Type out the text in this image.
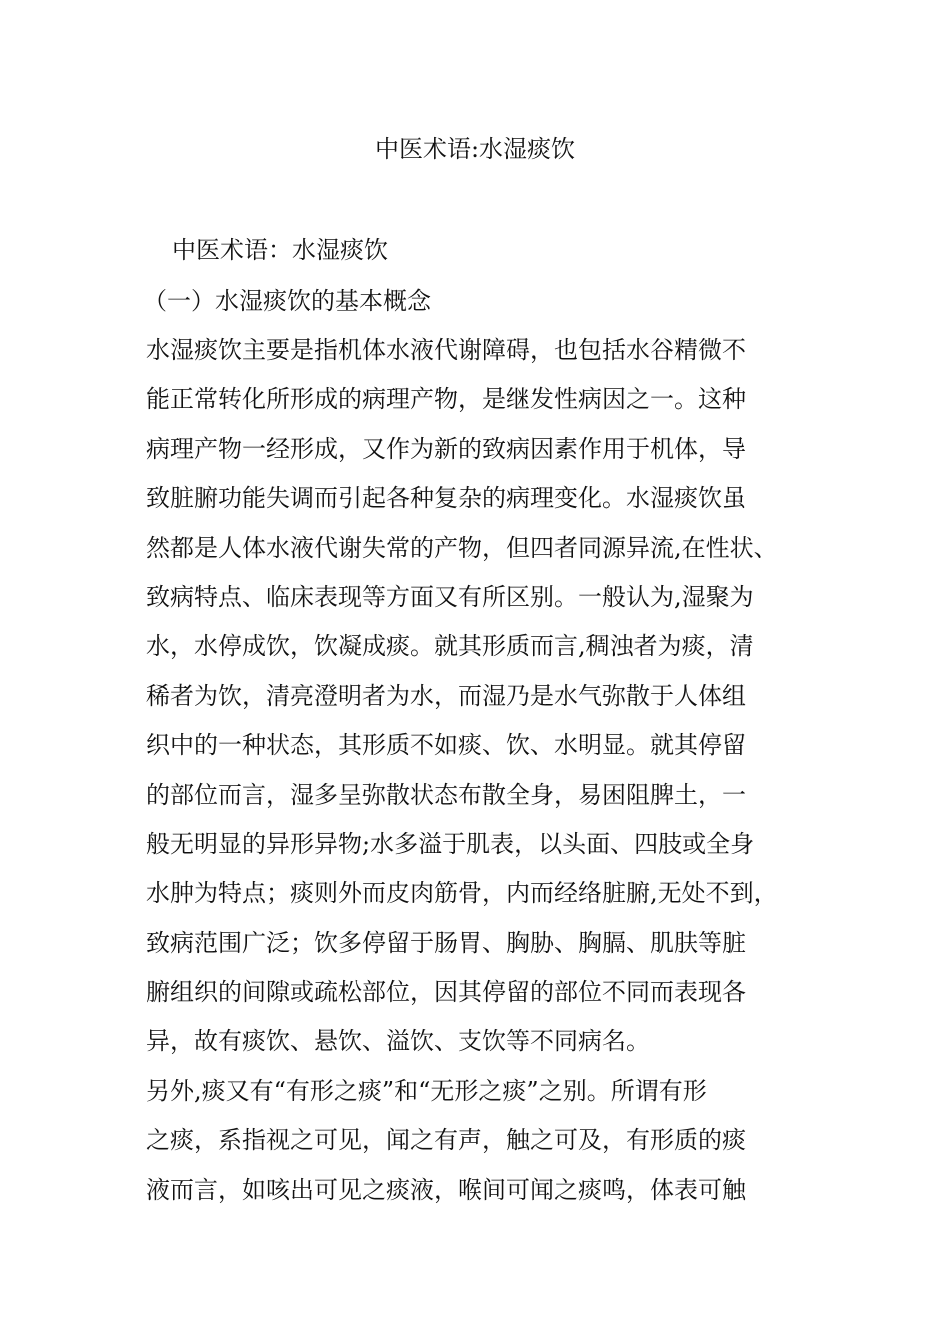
中医术语:水湿痰饮
中医术语：水湿痰饮
（一）水湿痰饮的基本概念
水湿痰饮主要是指机体水液代谢障碍，也包括水谷精微不
能正常转化所形成的病理产物，是继发性病因之一。这种
病理产物一经形成，又作为新的致病因素作用于机体，导
致脏腑功能失调而引起各种复杂的病理变化。水湿痰饮虽
然都是人体水液代谢失常的产物，但四者同源异流,在性状、
致病特点、临床表现等方面又有所区别。一般认为,湿聚为
水，水停成饮，饮凝成痰。就其形质而言,稠浊者为痰，清
稀者为饮，清亮澄明者为水，而湿乃是水气弥散于人体组
织中的一种状态，其形质不如痰、饮、水明显。就其停留
的部位而言，湿多呈弥散状态布散全身，易困阻脾土，一
般无明显的异形异物;水多溢于肌表，以头面、四肢或全身
水肿为特点；痰则外而皮肉筋骨，内而经络脏腑,无处不到，
致病范围广泛；饮多停留于肠胃、胸胁、胸膈、肌肤等脏
腑组织的间隙或疏松部位，因其停留的部位不同而表现各
异，故有痰饮、悬饮、溢饮、支饮等不同病名。
另外,痰又有“有形之痰”和“无形之痰”之别。所谓有形
之痰，系指视之可见，闻之有声，触之可及，有形质的痰
液而言，如咳出可见之痰液，喉间可闻之痰鸣，体表可触
